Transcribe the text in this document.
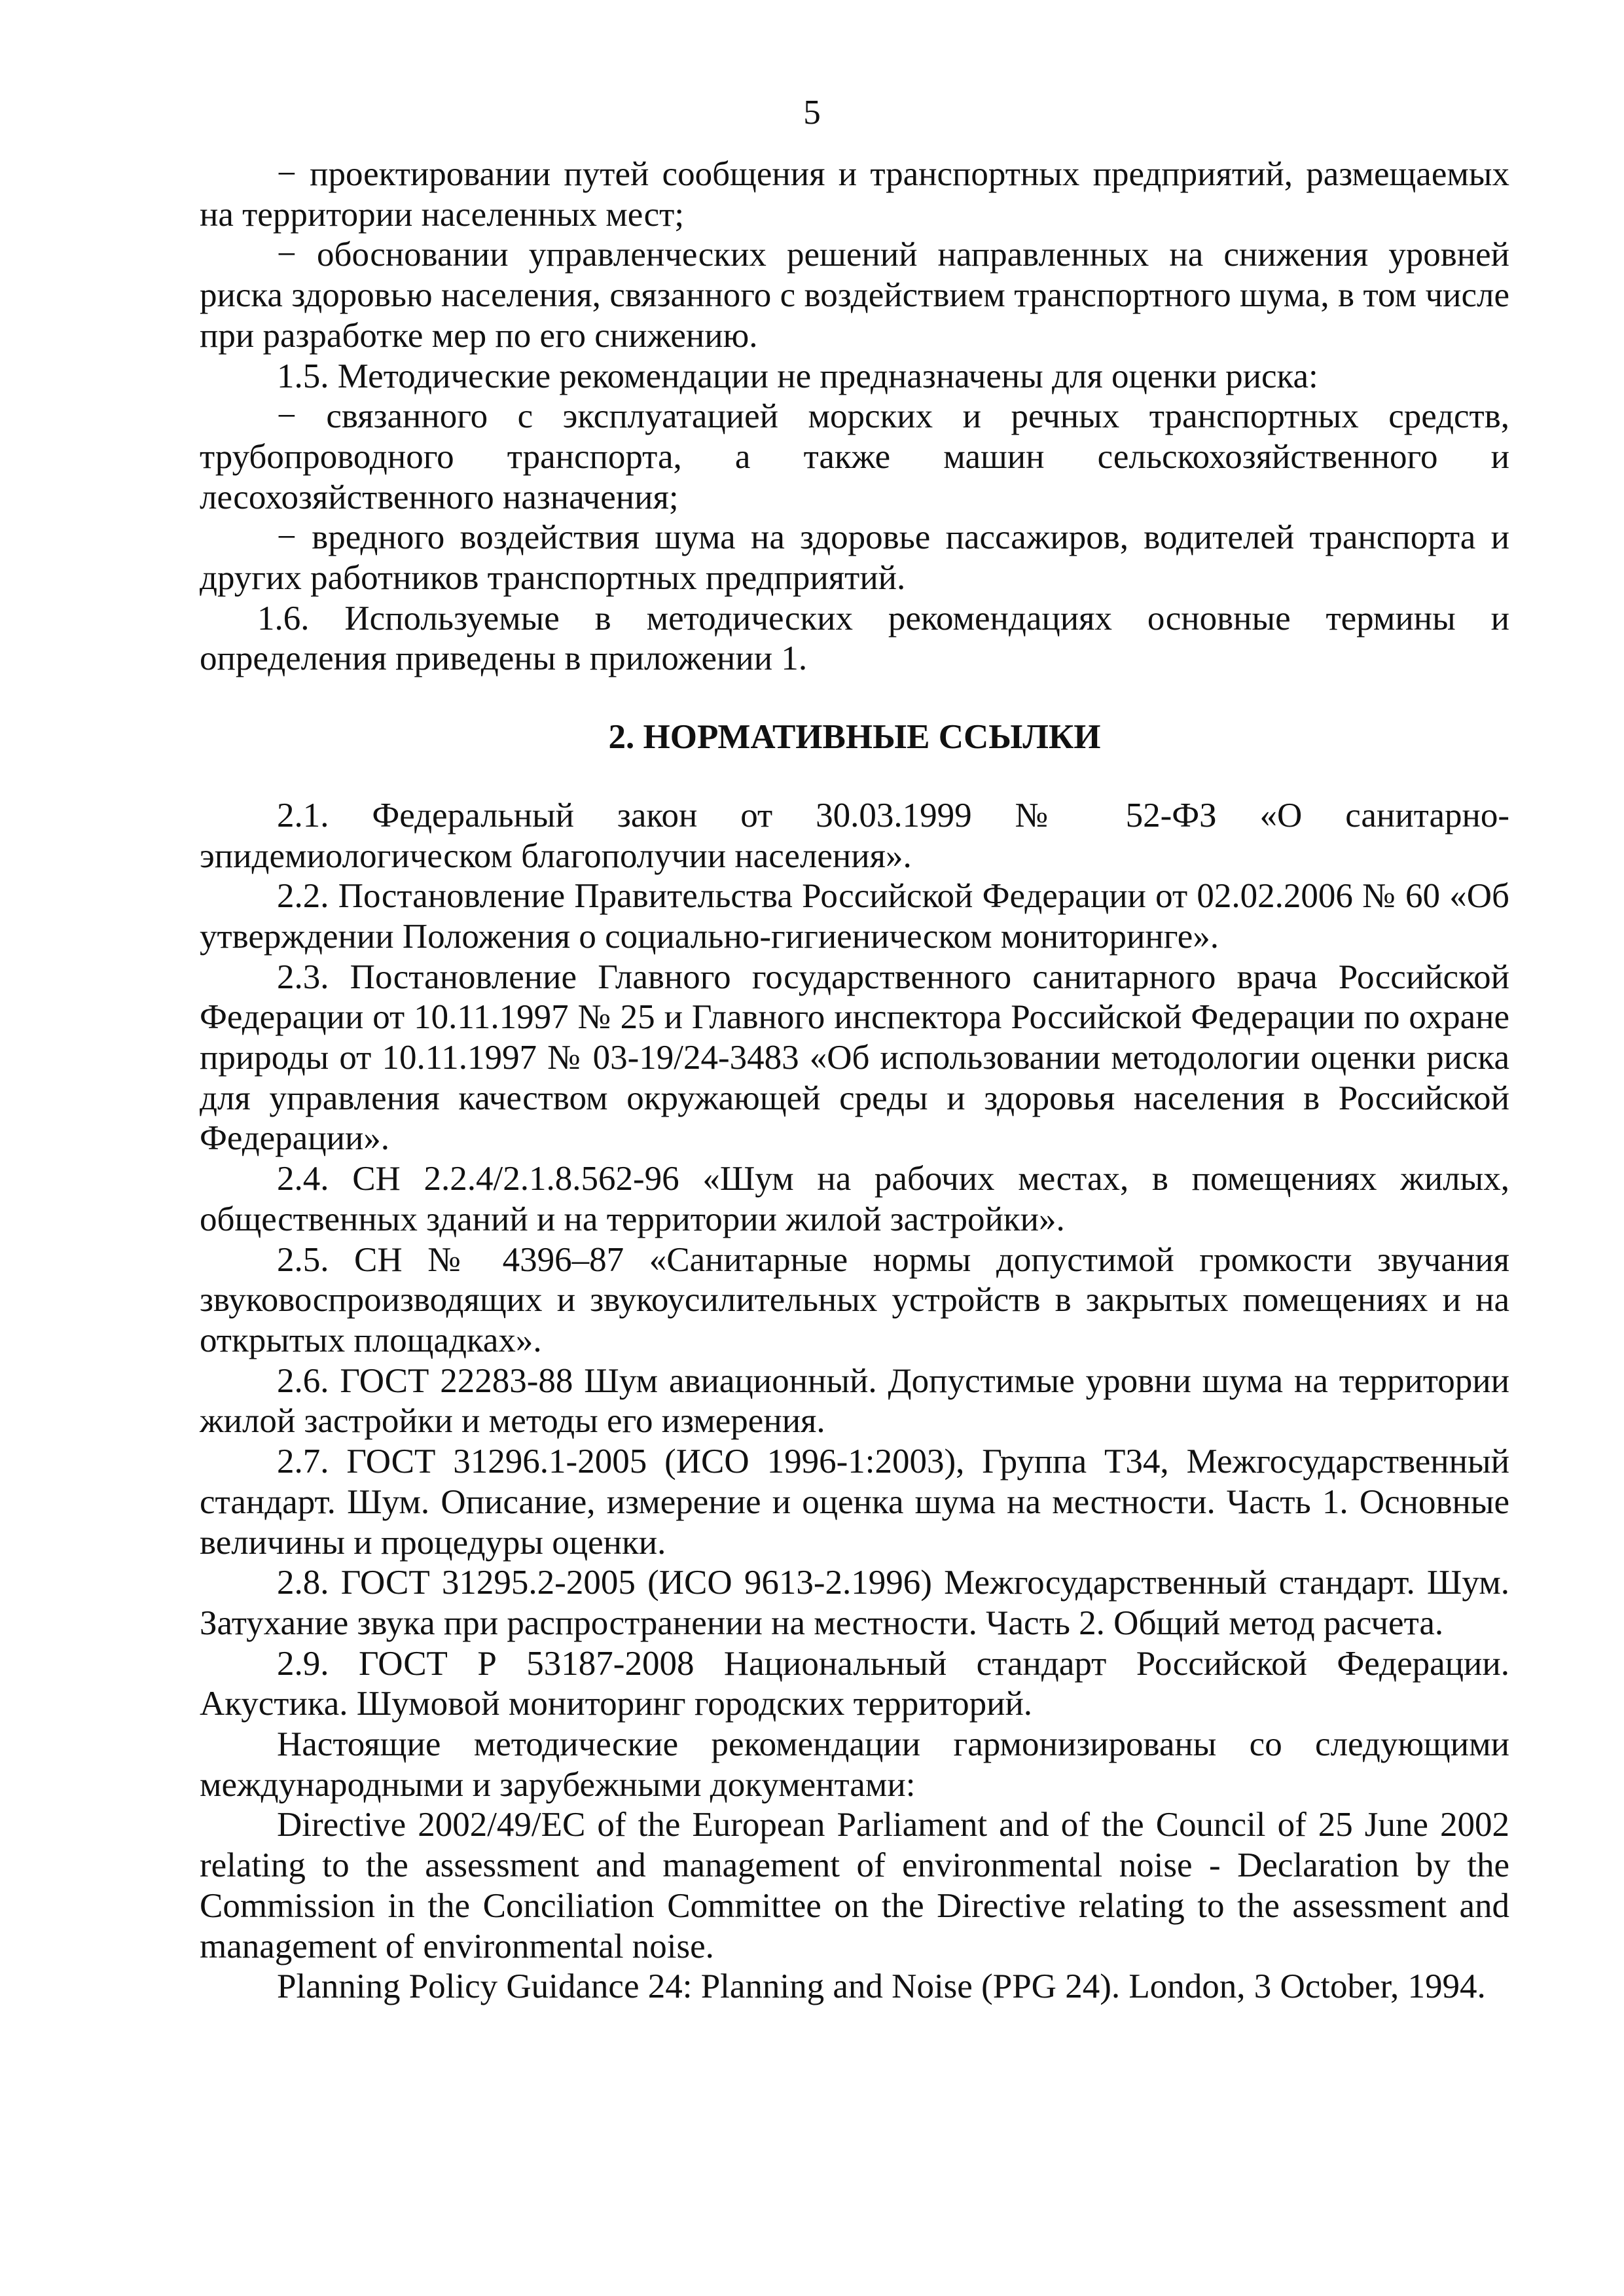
5

− проектировании путей сообщения и транспортных предприятий, размещаемых на территории населенных мест;

− обосновании управленческих решений направленных на снижения уровней риска здоровью населения, связанного с воздействием транспортного шума, в том числе при разработке мер по его снижению.

1.5. Методические рекомендации не предназначены для оценки риска:

− связанного с эксплуатацией морских и речных транспортных средств, трубопроводного транспорта, а также машин сельскохозяйственного и лесохозяйственного назначения;

− вредного воздействия шума на здоровье пассажиров, водителей транспорта и других работников транспортных предприятий.

1.6. Используемые в методических рекомендациях основные термины и определения приведены в приложении 1.

2. НОРМАТИВНЫЕ ССЫЛКИ

2.1. Федеральный закон от 30.03.1999 № 52-ФЗ «О санитарно-эпидемиологическом благополучии населения».

2.2. Постановление Правительства Российской Федерации от 02.02.2006 № 60 «Об утверждении Положения о социально-гигиеническом мониторинге».

2.3. Постановление Главного государственного санитарного врача Российской Федерации от 10.11.1997 № 25 и Главного инспектора Российской Федерации по охране природы от 10.11.1997 № 03-19/24-3483 «Об использовании методологии оценки риска для управления качеством окружающей среды и здоровья населения в Российской Федерации».

2.4. СН 2.2.4/2.1.8.562-96 «Шум на рабочих местах, в помещениях жилых, общественных зданий и на территории жилой застройки».

2.5. СН № 4396–87 «Санитарные нормы допустимой громкости звучания звуковоспроизводящих и звукоусилительных устройств в закрытых помещениях и на открытых площадках».

2.6. ГОСТ 22283-88 Шум авиационный. Допустимые уровни шума на территории жилой застройки и методы его измерения.

2.7. ГОСТ 31296.1-2005 (ИСО 1996-1:2003), Группа Т34, Межгосударственный стандарт. Шум. Описание, измерение и оценка шума на местности. Часть 1. Основные величины и процедуры оценки.

2.8. ГОСТ 31295.2-2005 (ИСО 9613-2.1996) Межгосударственный стандарт. Шум. Затухание звука при распространении на местности. Часть 2. Общий метод расчета.

2.9. ГОСТ Р 53187-2008 Национальный стандарт Российской Федерации. Акустика. Шумовой мониторинг городских территорий.

Настоящие методические рекомендации гармонизированы со следующими международными и зарубежными документами:

Directive 2002/49/EC of the European Parliament and of the Council of 25 June 2002 relating to the assessment and management of environmental noise - Declaration by the Commission in the Conciliation Committee on the Directive relating to the assessment and management of environmental noise.

Planning Policy Guidance 24: Planning and Noise (PPG 24). London, 3 October, 1994.
